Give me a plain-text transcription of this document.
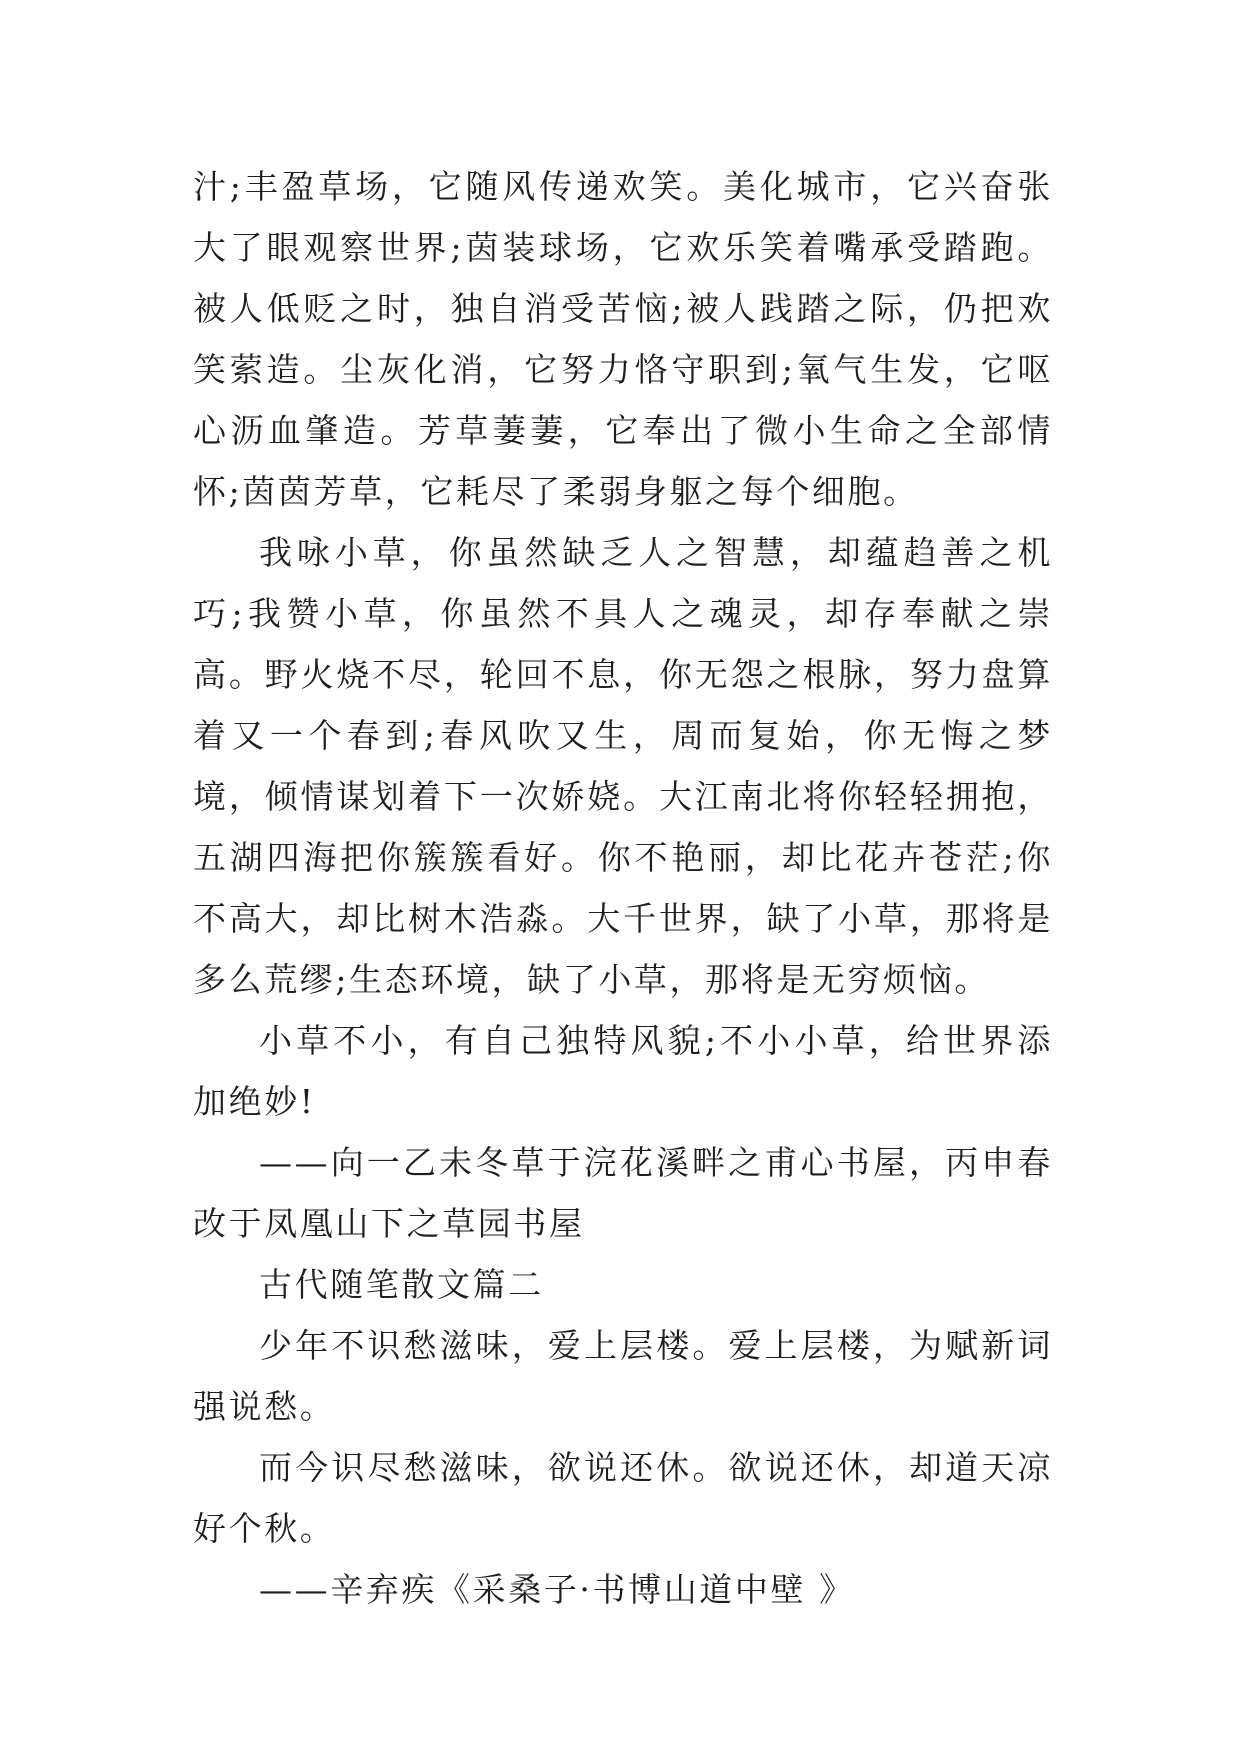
汁;丰盈草场，它随风传递欢笑。美化城市，它兴奋张大了眼观察世界;茵装球场，它欢乐笑着嘴承受踏跑。被人低贬之时，独自消受苦恼;被人践踏之际，仍把欢笑萦造。尘灰化消，它努力恪守职到;氧气生发，它呕心沥血肇造。芳草萋萋，它奉出了微小生命之全部情怀;茵茵芳草，它耗尽了柔弱身躯之每个细胞。

我咏小草，你虽然缺乏人之智慧，却蕴趋善之机巧;我赞小草，你虽然不具人之魂灵，却存奉献之崇高。野火烧不尽，轮回不息，你无怨之根脉，努力盘算着又一个春到;春风吹又生，周而复始，你无悔之梦境，倾情谋划着下一次娇娆。大江南北将你轻轻拥抱，五湖四海把你簇簇看好。你不艳丽，却比花卉苍茫;你不高大，却比树木浩淼。大千世界，缺了小草，那将是多么荒缪;生态环境，缺了小草，那将是无穷烦恼。

小草不小，有自己独特风貌;不小小草，给世界添加绝妙!

——向一乙未冬草于浣花溪畔之甫心书屋，丙申春改于凤凰山下之草园书屋

古代随笔散文篇二

少年不识愁滋味，爱上层楼。爱上层楼，为赋新词强说愁。

而今识尽愁滋味，欲说还休。欲说还休，却道天凉好个秋。

——辛弃疾《采桑子·书博山道中壁 》
